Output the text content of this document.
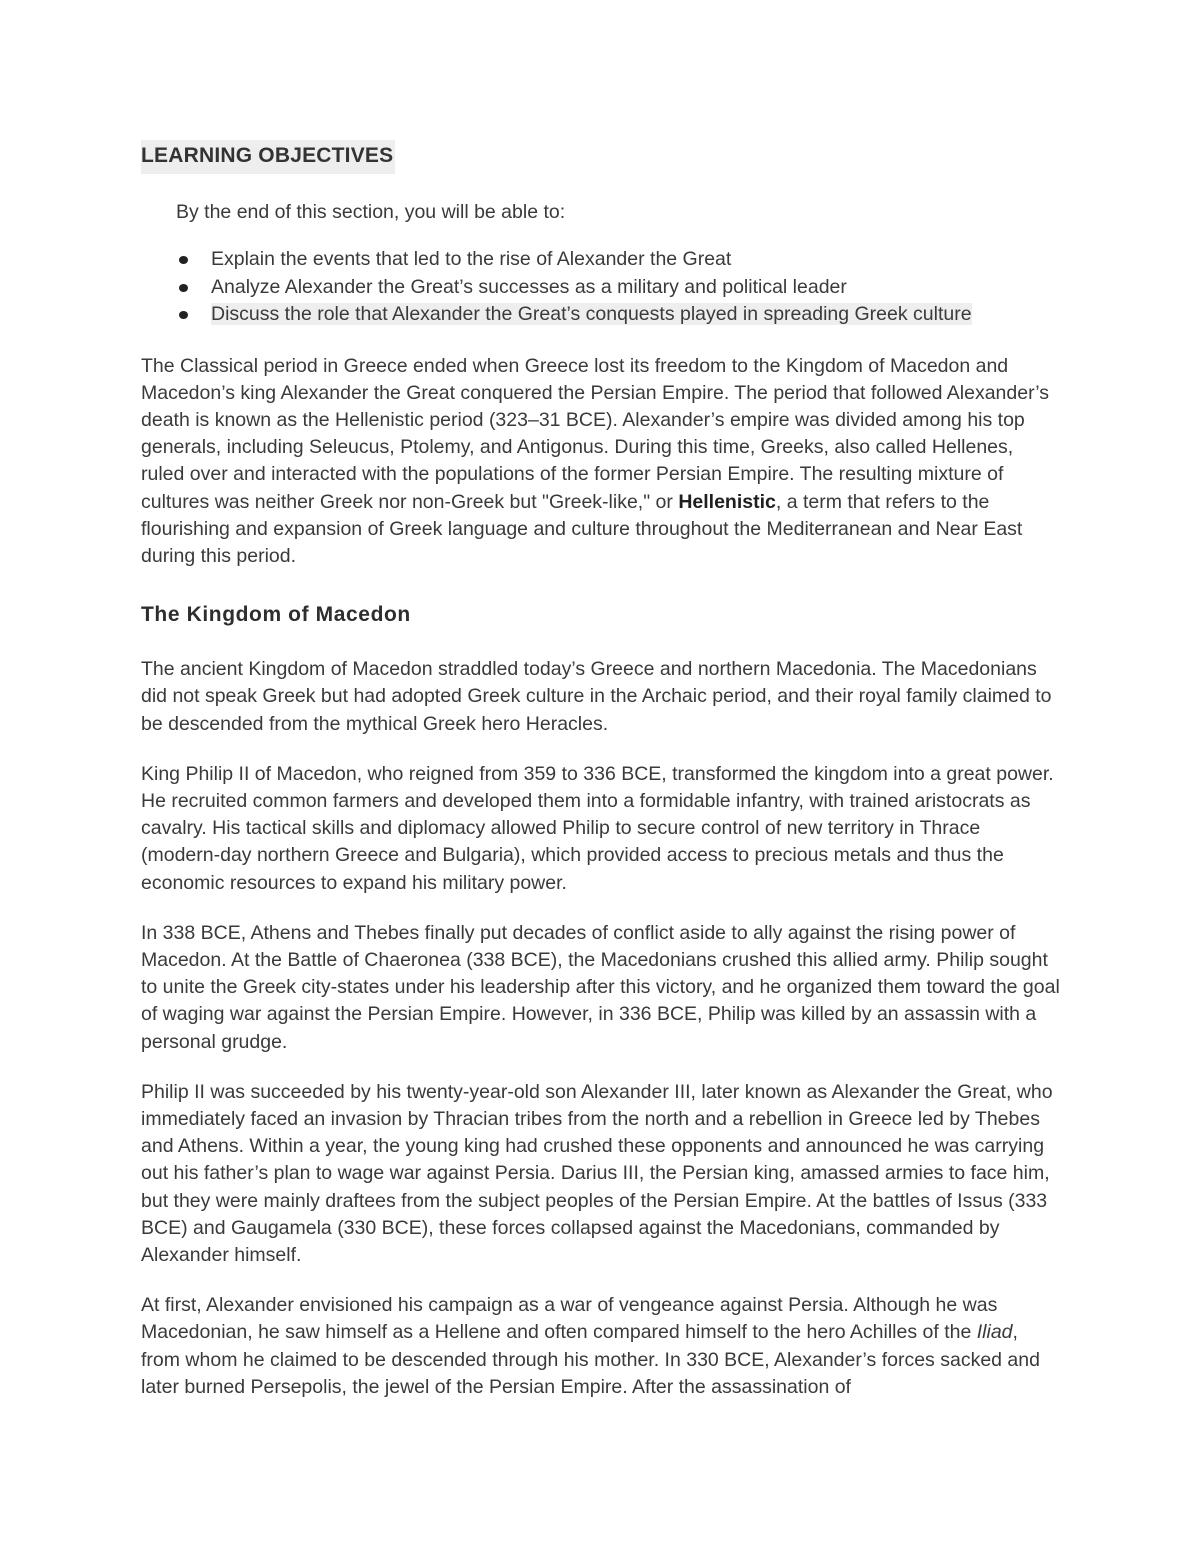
LEARNING OBJECTIVES

By the end of this section, you will be able to:

Explain the events that led to the rise of Alexander the Great
Analyze Alexander the Great’s successes as a military and political leader
Discuss the role that Alexander the Great’s conquests played in spreading Greek culture

The Classical period in Greece ended when Greece lost its freedom to the Kingdom of Macedon and Macedon’s king Alexander the Great conquered the Persian Empire. The period that followed Alexander’s death is known as the Hellenistic period (323–31 BCE). Alexander’s empire was divided among his top generals, including Seleucus, Ptolemy, and Antigonus. During this time, Greeks, also called Hellenes, ruled over and interacted with the populations of the former Persian Empire. The resulting mixture of cultures was neither Greek nor non-Greek but "Greek-like," or Hellenistic, a term that refers to the flourishing and expansion of Greek language and culture throughout the Mediterranean and Near East during this period.

The Kingdom of Macedon

The ancient Kingdom of Macedon straddled today’s Greece and northern Macedonia. The Macedonians did not speak Greek but had adopted Greek culture in the Archaic period, and their royal family claimed to be descended from the mythical Greek hero Heracles.

King Philip II of Macedon, who reigned from 359 to 336 BCE, transformed the kingdom into a great power. He recruited common farmers and developed them into a formidable infantry, with trained aristocrats as cavalry. His tactical skills and diplomacy allowed Philip to secure control of new territory in Thrace (modern-day northern Greece and Bulgaria), which provided access to precious metals and thus the economic resources to expand his military power.

In 338 BCE, Athens and Thebes finally put decades of conflict aside to ally against the rising power of Macedon. At the Battle of Chaeronea (338 BCE), the Macedonians crushed this allied army. Philip sought to unite the Greek city-states under his leadership after this victory, and he organized them toward the goal of waging war against the Persian Empire. However, in 336 BCE, Philip was killed by an assassin with a personal grudge.

Philip II was succeeded by his twenty-year-old son Alexander III, later known as Alexander the Great, who immediately faced an invasion by Thracian tribes from the north and a rebellion in Greece led by Thebes and Athens. Within a year, the young king had crushed these opponents and announced he was carrying out his father’s plan to wage war against Persia. Darius III, the Persian king, amassed armies to face him, but they were mainly draftees from the subject peoples of the Persian Empire. At the battles of Issus (333 BCE) and Gaugamela (330 BCE), these forces collapsed against the Macedonians, commanded by Alexander himself.

At first, Alexander envisioned his campaign as a war of vengeance against Persia. Although he was Macedonian, he saw himself as a Hellene and often compared himself to the hero Achilles of the Iliad, from whom he claimed to be descended through his mother. In 330 BCE, Alexander’s forces sacked and later burned Persepolis, the jewel of the Persian Empire. After the assassination of
